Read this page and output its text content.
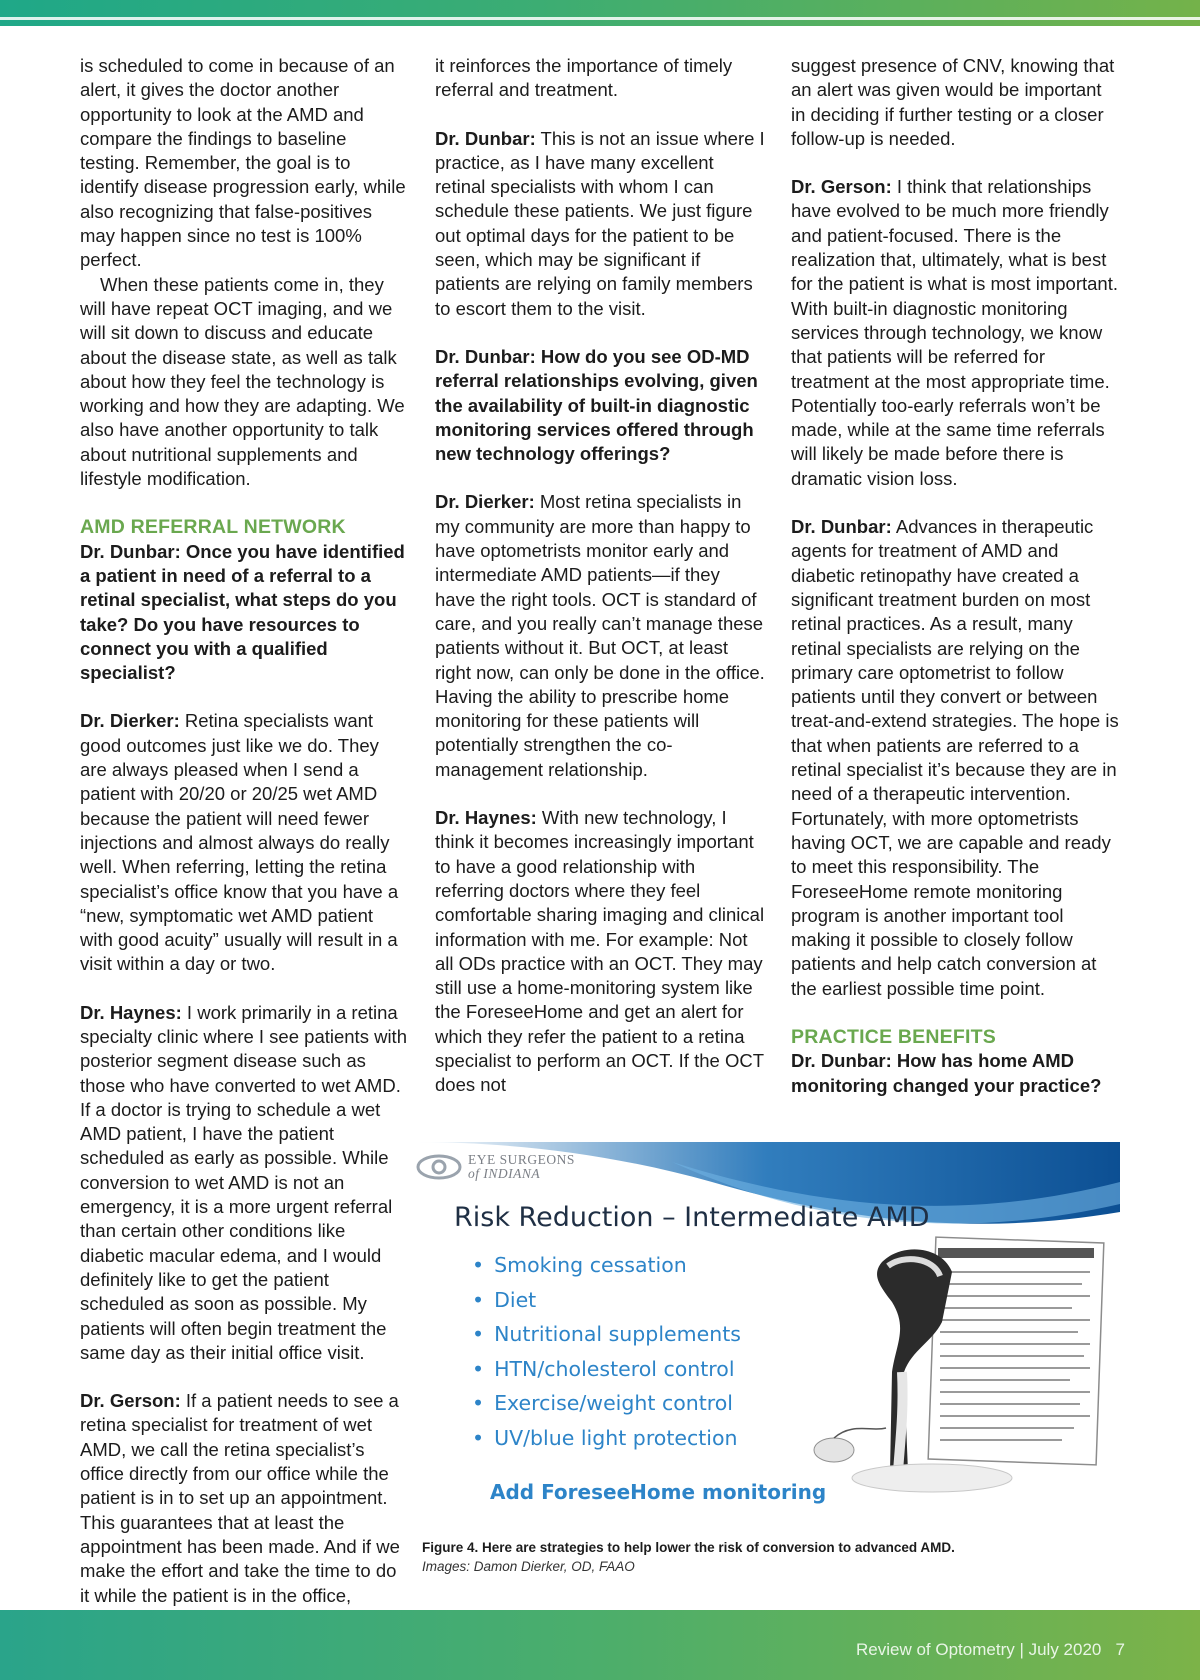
is scheduled to come in because of an alert, it gives the doctor another opportunity to look at the AMD and compare the findings to baseline testing. Remember, the goal is to identify disease progression early, while also recognizing that false-positives may happen since no test is 100% perfect.

When these patients come in, they will have repeat OCT imaging, and we will sit down to discuss and educate about the disease state, as well as talk about how they feel the technology is working and how they are adapting. We also have another opportunity to talk about nutritional supplements and lifestyle modification.

AMD REFERRAL NETWORK

Dr. Dunbar: Once you have identified a patient in need of a referral to a retinal specialist, what steps do you take? Do you have resources to connect you with a qualified specialist?

Dr. Dierker: Retina specialists want good outcomes just like we do. They are always pleased when I send a patient with 20/20 or 20/25 wet AMD because the patient will need fewer injections and almost always do really well. When referring, letting the retina specialist’s office know that you have a “new, symptomatic wet AMD patient with good acuity” usually will result in a visit within a day or two.

Dr. Haynes: I work primarily in a retina specialty clinic where I see patients with posterior segment disease such as those who have converted to wet AMD. If a doctor is trying to schedule a wet AMD patient, I have the patient scheduled as early as possible. While conversion to wet AMD is not an emergency, it is a more urgent referral than certain other conditions like diabetic macular edema, and I would definitely like to get the patient scheduled as soon as possible. My patients will often begin treatment the same day as their initial office visit.

Dr. Gerson: If a patient needs to see a retina specialist for treatment of wet AMD, we call the retina specialist’s office directly from our office while the patient is in to set up an appointment. This guarantees that at least the appointment has been made. And if we make the effort and take the time to do it while the patient is in the office,

it reinforces the importance of timely referral and treatment.

Dr. Dunbar: This is not an issue where I practice, as I have many excellent retinal specialists with whom I can schedule these patients. We just figure out optimal days for the patient to be seen, which may be significant if patients are relying on family members to escort them to the visit.

Dr. Dunbar: How do you see OD-MD referral relationships evolving, given the availability of built-in diagnostic monitoring services offered through new technology offerings?

Dr. Dierker: Most retina specialists in my community are more than happy to have optometrists monitor early and intermediate AMD patients—if they have the right tools. OCT is standard of care, and you really can’t manage these patients without it. But OCT, at least right now, can only be done in the office. Having the ability to prescribe home monitoring for these patients will potentially strengthen the co-management relationship.

Dr. Haynes: With new technology, I think it becomes increasingly important to have a good relationship with referring doctors where they feel comfortable sharing imaging and clinical information with me. For example: Not all ODs practice with an OCT. They may still use a home-monitoring system like the ForeseeHome and get an alert for which they refer the patient to a retina specialist to perform an OCT. If the OCT does not

suggest presence of CNV, knowing that an alert was given would be important in deciding if further testing or a closer follow-up is needed.

Dr. Gerson: I think that relationships have evolved to be much more friendly and patient-focused. There is the realization that, ultimately, what is best for the patient is what is most important. With built-in diagnostic monitoring services through technology, we know that patients will be referred for treatment at the most appropriate time. Potentially too-early referrals won’t be made, while at the same time referrals will likely be made before there is dramatic vision loss.

Dr. Dunbar: Advances in therapeutic agents for treatment of AMD and diabetic retinopathy have created a significant treatment burden on most retinal practices. As a result, many retinal specialists are relying on the primary care optometrist to follow patients until they convert or between treat-and-extend strategies. The hope is that when patients are referred to a retinal specialist it’s because they are in need of a therapeutic intervention. Fortunately, with more optometrists having OCT, we are capable and ready to meet this responsibility. The ForeseeHome remote monitoring program is another important tool making it possible to closely follow patients and help catch conversion at the earliest possible time point.

PRACTICE BENEFITS

Dr. Dunbar: How has home AMD monitoring changed your practice?

EYE SURGEONS
of INDIANA
Risk Reduction – Intermediate AMD
• Smoking cessation
• Diet
• Nutritional supplements
• HTN/cholesterol control
• Exercise/weight control
• UV/blue light protection
Add ForeseeHome monitoring
Figure 4. Here are strategies to help lower the risk of conversion to advanced AMD.
Images: Damon Dierker, OD, FAAO
Review of Optometry | July 2020   7
